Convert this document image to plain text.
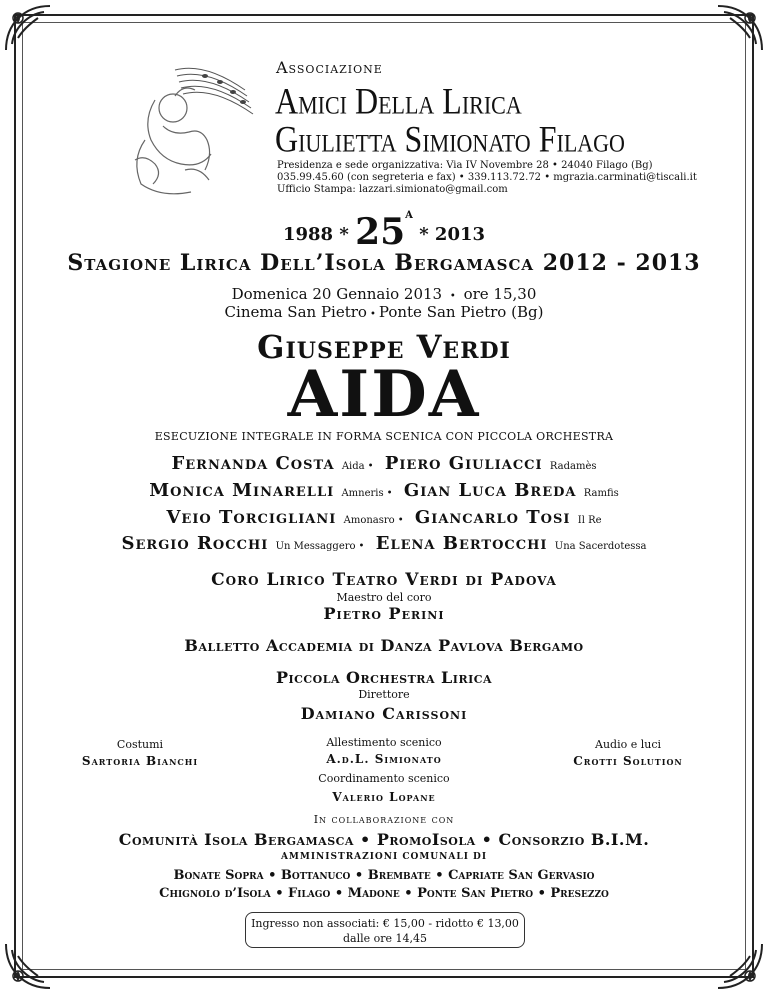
Associazione
Amici Della Lirica
Giulietta Simionato Filago
Presidenza e sede organizzativa: Via IV Novembre 28 • 24040 Filago (Bg)
035.99.45.60 (con segreteria e fax) • 339.113.72.72 • mgrazia.carminati@tiscali.it
Ufficio Stampa: lazzari.simionato@gmail.com
$1988 * 25^A * 2013$
Stagione Lirica Dell’Isola Bergamasca 2012 - 2013
Domenica 20 Gennaio 2013 • ore 15,30
Cinema San Pietro • Ponte San Pietro (Bg)
Giuseppe Verdi
AIDA
ESECUZIONE INTEGRALE IN FORMA SCENICA CON PICCOLA ORCHESTRA
Fernanda Costa Aida • Piero Giuliacci Radamès
Monica Minarelli Amneris • Gian Luca Breda Ramfis
Veio Torcigliani Amonasro • Giancarlo Tosi Il Re
Sergio Rocchi Un Messaggero • Elena Bertocchi Una Sacerdotessa
Coro Lirico Teatro Verdi di Padova
Maestro del coro
Pietro Perini
Balletto Accademia di Danza Pavlova Bergamo
Piccola Orchestra Lirica
Direttore
Damiano Carissoni
Costumi
Sartoria Bianchi
Allestimento scenico
A.d.L. Simionato
Audio e luci
Crotti Solution
Coordinamento scenico
Valerio Lopane
In collaborazione con
Comunità Isola Bergamasca • PromoIsola • Consorzio B.I.M.
AMMINISTRAZIONI COMUNALI DI
Bonate Sopra • Bottanuco • Brembate • Capriate San Gervasio
Chignolo d’Isola • Filago • Madone • Ponte San Pietro • Presezzo
Ingresso non associati: € 15,00 - ridotto € 13,00
dalle ore 14,45
